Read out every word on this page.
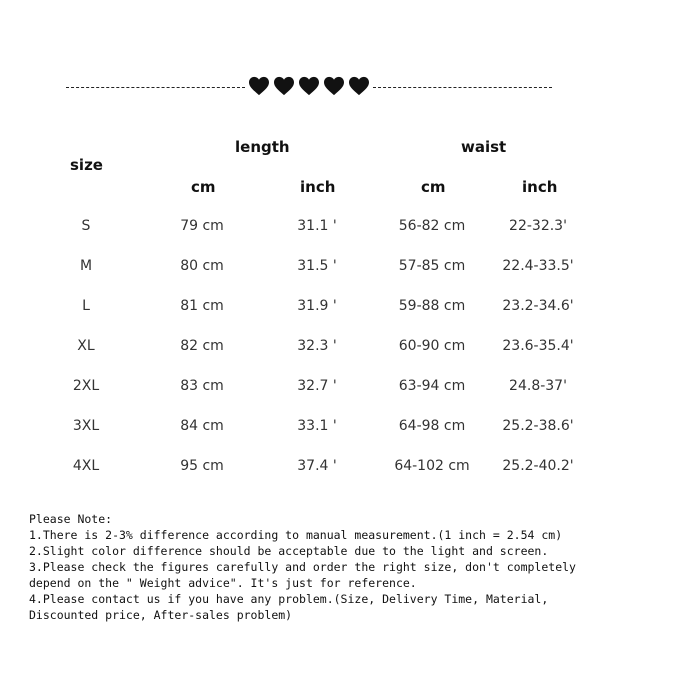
size
length	waist
cm	inch	cm	inch
S	79 cm	31.1 '	56-82 cm	22-32.3'
M	80 cm	31.5 '	57-85 cm	22.4-33.5'
L	81 cm	31.9 '	59-88 cm	23.2-34.6'
XL	82 cm	32.3 '	60-90 cm	23.6-35.4'
2XL	83 cm	32.7 '	63-94 cm	24.8-37'
3XL	84 cm	33.1 '	64-98 cm	25.2-38.6'
4XL	95 cm	37.4 '	64-102 cm 25.2-40.2'
Please Note:
1.There is 2-3% difference according to manual measurement.(1 inch = 2.54 cm)
2.Slight color difference should be acceptable due to the light and screen.
3.Please check the figures carefully and order the right size, don't completely
depend on the " Weight advice". It's just for reference.
4.Please contact us if you have any problem.(Size, Delivery Time, Material,
Discounted price, After-sales problem)
